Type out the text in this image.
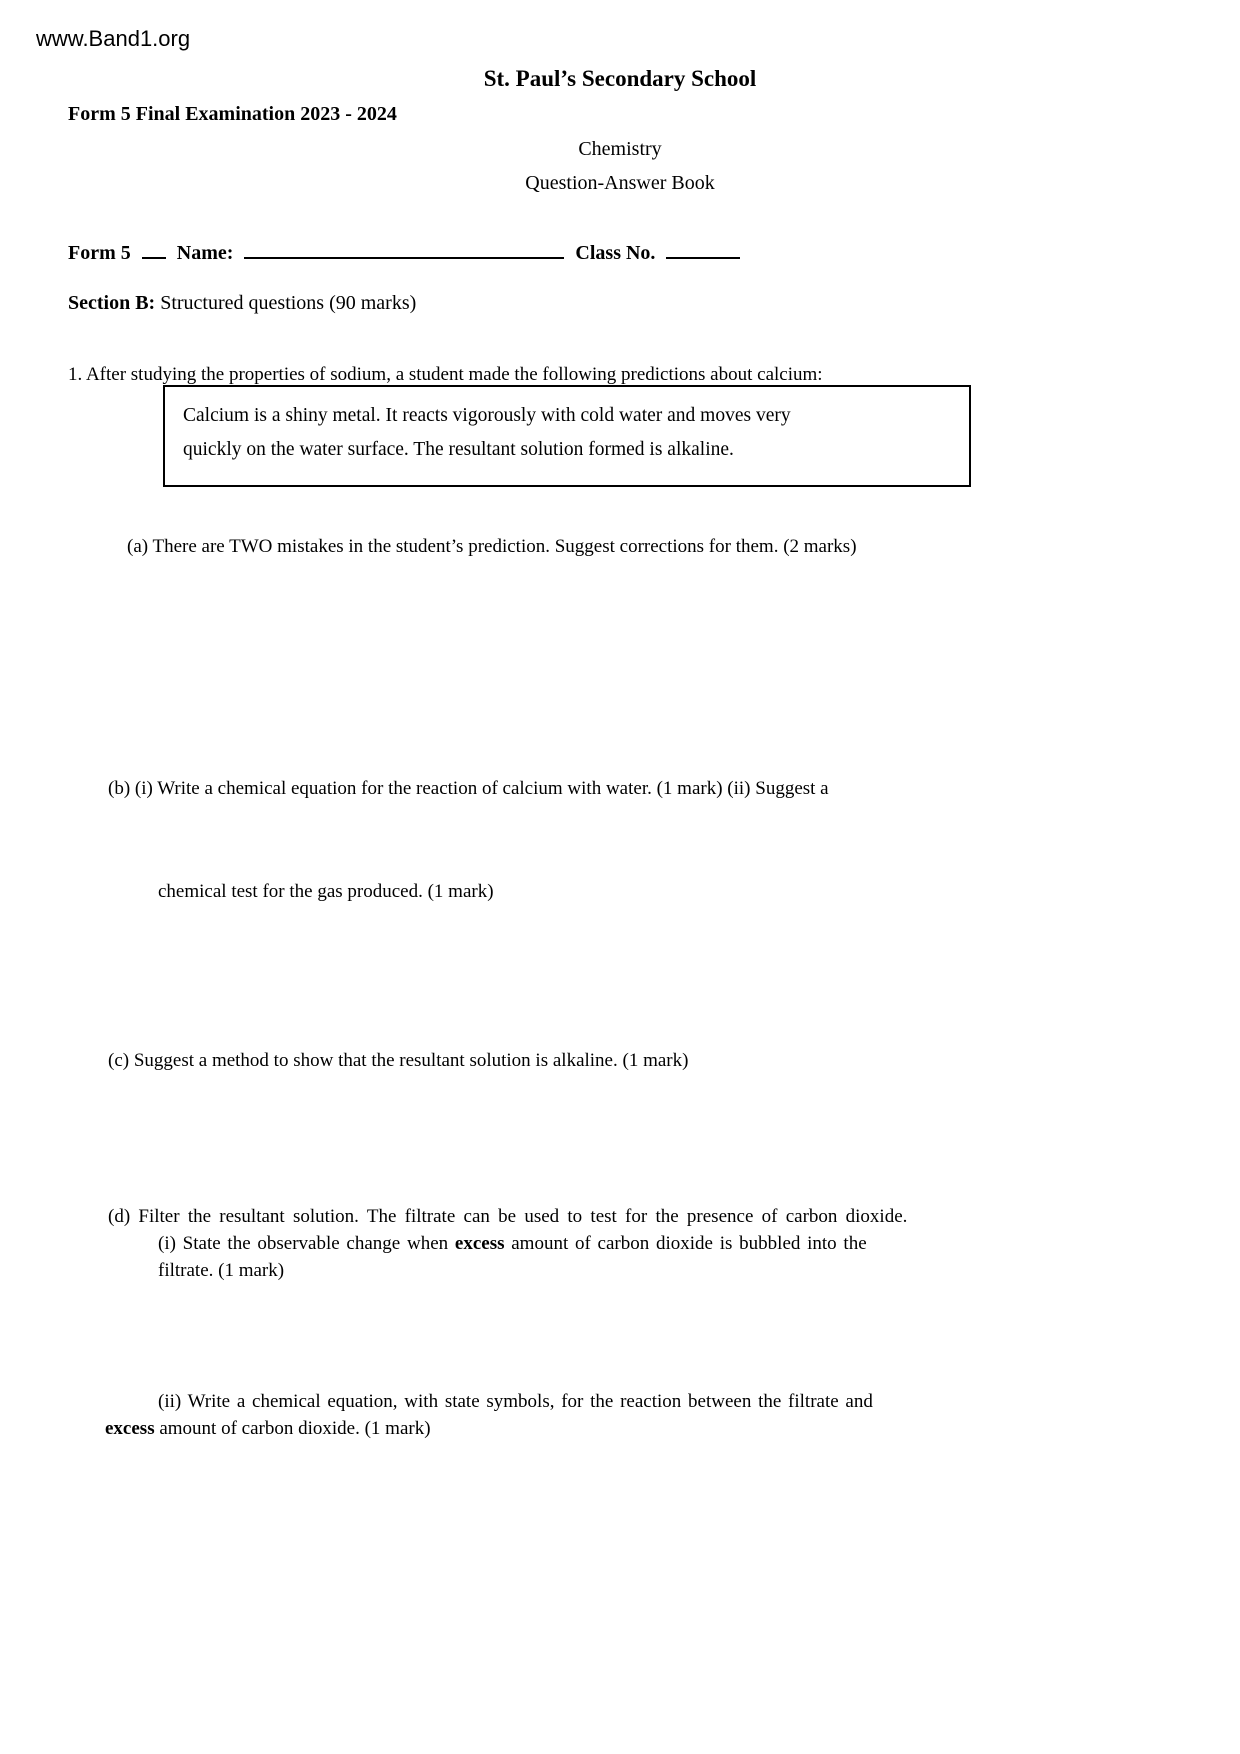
www.Band1.org
St. Paul’s Secondary School
Form 5 Final Examination 2023 - 2024
Chemistry
Question-Answer Book
Form 5 Name:	Class No.
Section B: Structured questions (90 marks)
1. After studying the properties of sodium, a student made the following predictions about calcium:
Calcium is a shiny metal. It reacts vigorously with cold water and moves very
quickly on the water surface. The resultant solution formed is alkaline.
(a) There are TWO mistakes in the student’s prediction. Suggest corrections for them. (2 marks)
(b) (i) Write a chemical equation for the reaction of calcium with water. (1 mark) (ii) Suggest a
chemical test for the gas produced. (1 mark)
(c) Suggest a method to show that the resultant solution is alkaline. (1 mark)
(d) Filter the resultant solution. The filtrate can be used to test for the presence of carbon dioxide.
(i) State the observable change when excess amount of carbon dioxide is bubbled into the
filtrate. (1 mark)
(ii) Write a chemical equation, with state symbols, for the reaction between the filtrate and
excess amount of carbon dioxide. (1 mark)
